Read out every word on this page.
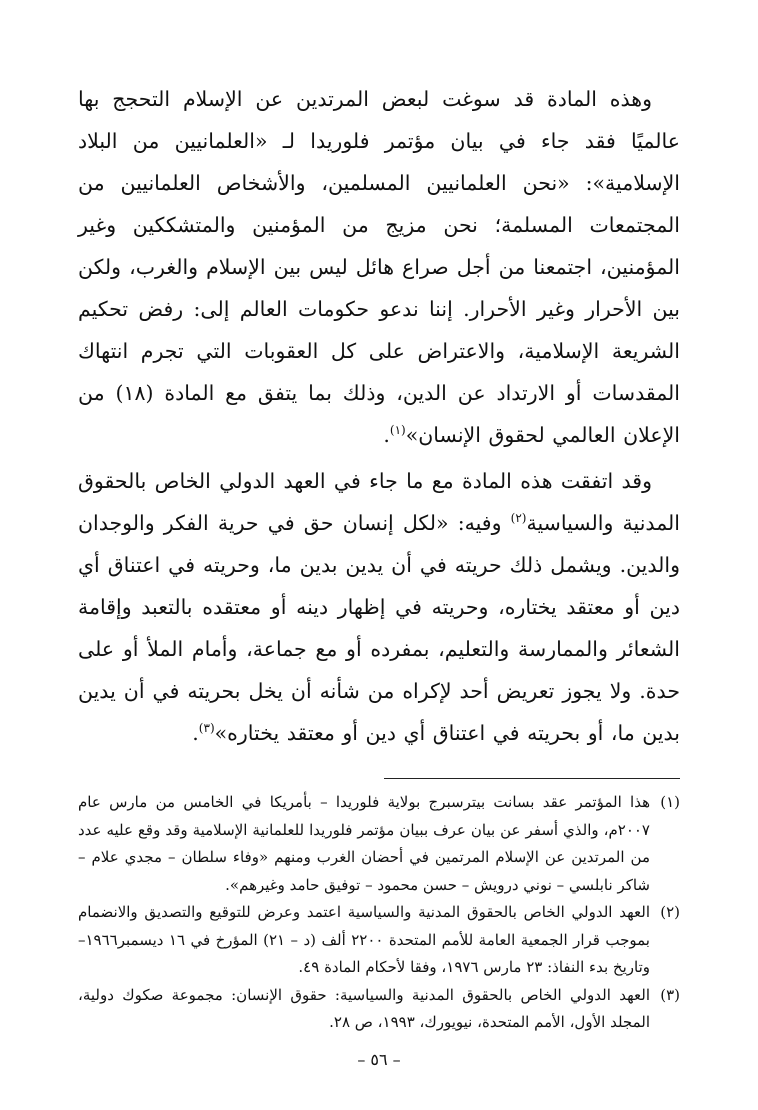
وهذه المادة قد سوغت لبعض المرتدين عن الإسلام التحجج بها عالميًا فقد جاء في بيان مؤتمر فلوريدا لـ «العلمانيين من البلاد الإسلامية»: «نحن العلمانيين المسلمين، والأشخاص العلمانيين من المجتمعات المسلمة؛ نحن مزيج من المؤمنين والمتشككين وغير المؤمنين، اجتمعنا من أجل صراع هائل ليس بين الإسلام والغرب، ولكن بين الأحرار وغير الأحرار. إننا ندعو حكومات العالم إلى: رفض تحكيم الشريعة الإسلامية، والاعتراض على كل العقوبات التي تجرم انتهاك المقدسات أو الارتداد عن الدين، وذلك بما يتفق مع المادة (١٨) من الإعلان العالمي لحقوق الإنسان»$^{(١)}$.

وقد اتفقت هذه المادة مع ما جاء في العهد الدولي الخاص بالحقوق المدنية والسياسية$^{(٢)}$ وفيه: «لكل إنسان حق في حرية الفكر والوجدان والدين. ويشمل ذلك حريته في أن يدين بدين ما، وحريته في اعتناق أي دين أو معتقد يختاره، وحريته في إظهار دينه أو معتقده بالتعبد وإقامة الشعائر والممارسة والتعليم، بمفرده أو مع جماعة، وأمام الملأ أو على حدة. ولا يجوز تعريض أحد لإكراه من شأنه أن يخل بحريته في أن يدين بدين ما، أو بحريته في اعتناق أي دين أو معتقد يختاره»$^{(٣)}$.

(١)
هذا المؤتمر عقد بسانت بيترسبرج بولاية فلوريدا – بأمريكا في الخامس من مارس عام ٢٠٠٧م، والذي أسفر عن بيان عرف ببيان مؤتمر فلوريدا للعلمانية الإسلامية وقد وقع عليه عدد من المرتدين عن الإسلام المرتمين في أحضان الغرب ومنهم «وفاء سلطان – مجدي علام – شاكر نابلسي – نوني درويش – حسن محمود – توفيق حامد وغيرهم».

(٢)
العهد الدولي الخاص بالحقوق المدنية والسياسية اعتمد وعرض للتوقيع والتصديق والانضمام بموجب قرار الجمعية العامة للأمم المتحدة ٢٢٠٠ ألف (د – ٢١) المؤرخ في ١٦ ديسمبر١٩٦٦– وتاريخ بدء النفاذ: ٢٣ مارس ١٩٧٦، وفقا لأحكام المادة ٤٩.

(٣)
العهد الدولي الخاص بالحقوق المدنية والسياسية: حقوق الإنسان: مجموعة صكوك دولية، المجلد الأول، الأمم المتحدة، نيويورك، ١٩٩٣، ص ٢٨.

– ٥٦ –
